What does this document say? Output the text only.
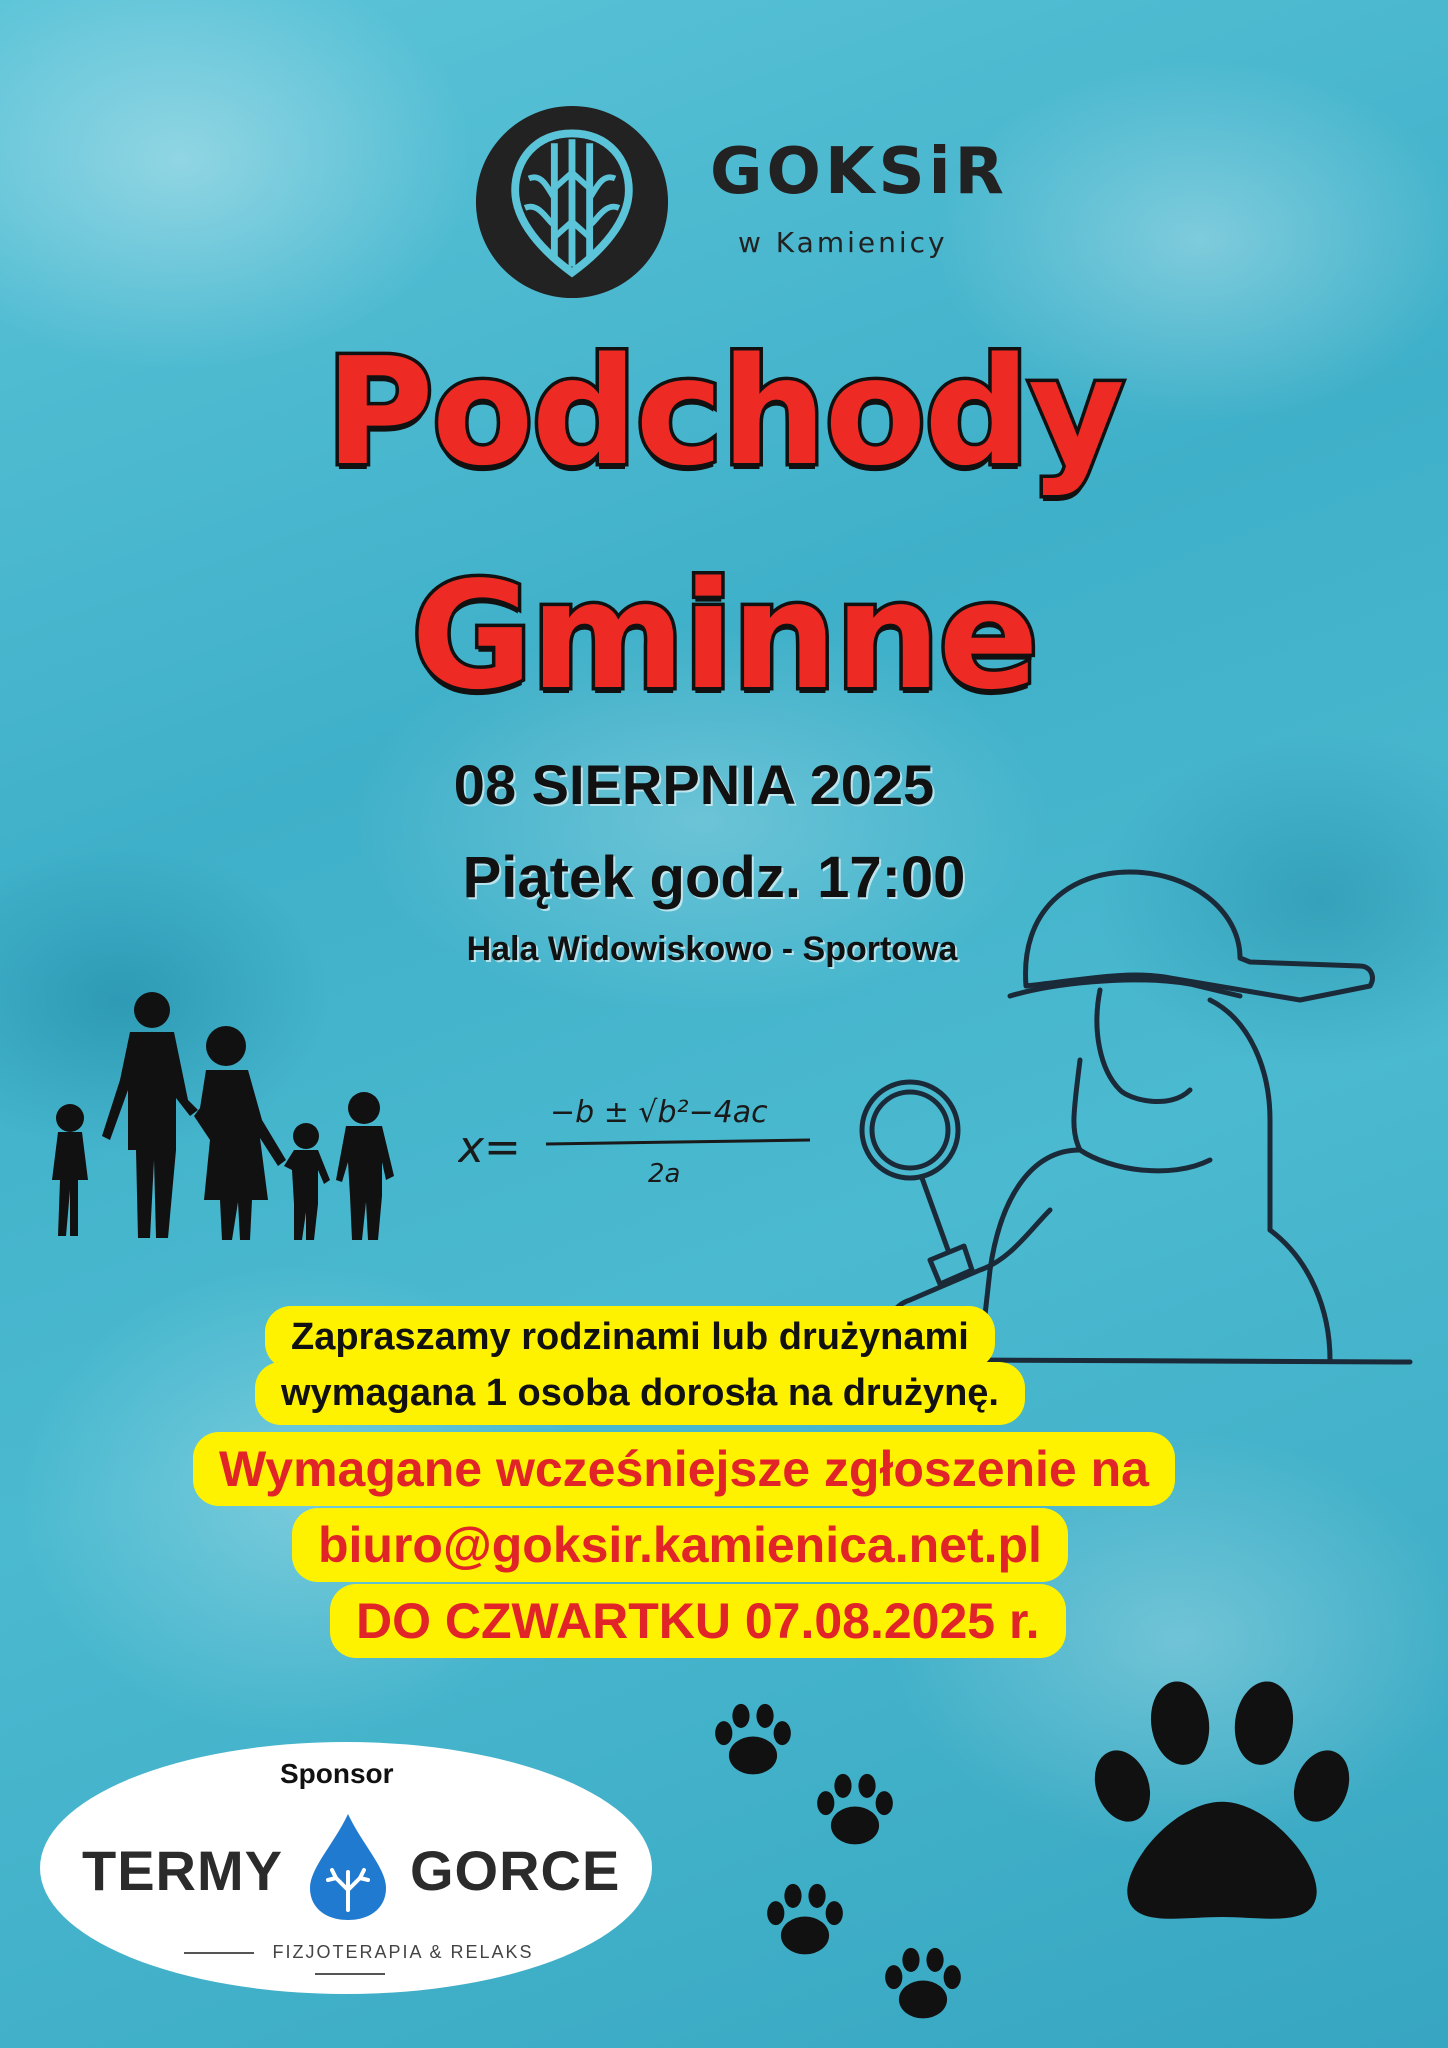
GOKSiR
w Kamienicy
Podchody
Gminne
08 SIERPNIA 2025
Piątek godz. 17:00
Hala Widowiskowo - Sportowa
x=
−b ± √b²−4ac
2a
Zapraszamy rodzinami lub drużynami
wymagana 1 osoba dorosła na drużynę.
Wymagane wcześniejsze zgłoszenie na
biuro@goksir.kamienica.net.pl
DO CZWARTKU 07.08.2025 r.
Sponsor
TERMY GORCE
FIZJOTERAPIA & RELAKS
